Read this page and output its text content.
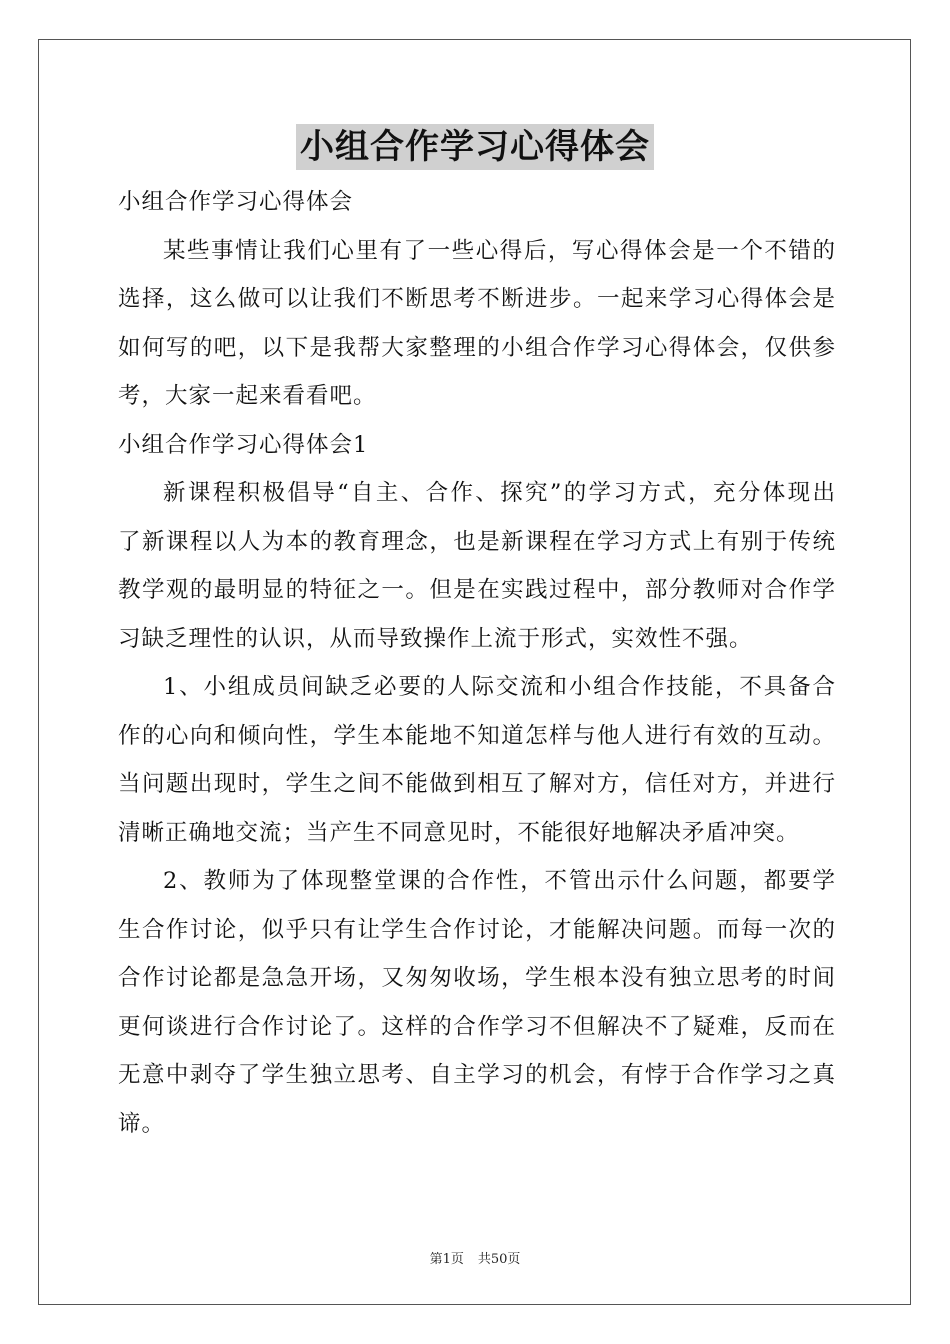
小组合作学习心得体会

小组合作学习心得体会

某些事情让我们心里有了一些心得后，写心得体会是一个不错的

选择，这么做可以让我们不断思考不断进步。一起来学习心得体会是

如何写的吧，以下是我帮大家整理的小组合作学习心得体会，仅供参

考，大家一起来看看吧。

小组合作学习心得体会1

新课程积极倡导“自主、合作、探究”的学习方式，充分体现出

了新课程以人为本的教育理念，也是新课程在学习方式上有别于传统

教学观的最明显的特征之一。但是在实践过程中，部分教师对合作学

习缺乏理性的认识，从而导致操作上流于形式，实效性不强。

1、小组成员间缺乏必要的人际交流和小组合作技能，不具备合

作的心向和倾向性，学生本能地不知道怎样与他人进行有效的互动。

当问题出现时，学生之间不能做到相互了解对方，信任对方，并进行

清晰正确地交流；当产生不同意见时，不能很好地解决矛盾冲突。

2、教师为了体现整堂课的合作性，不管出示什么问题，都要学

生合作讨论，似乎只有让学生合作讨论，才能解决问题。而每一次的

合作讨论都是急急开场，又匆匆收场，学生根本没有独立思考的时间

更何谈进行合作讨论了。这样的合作学习不但解决不了疑难，反而在

无意中剥夺了学生独立思考、自主学习的机会，有悖于合作学习之真

谛。

第1页 共50页
